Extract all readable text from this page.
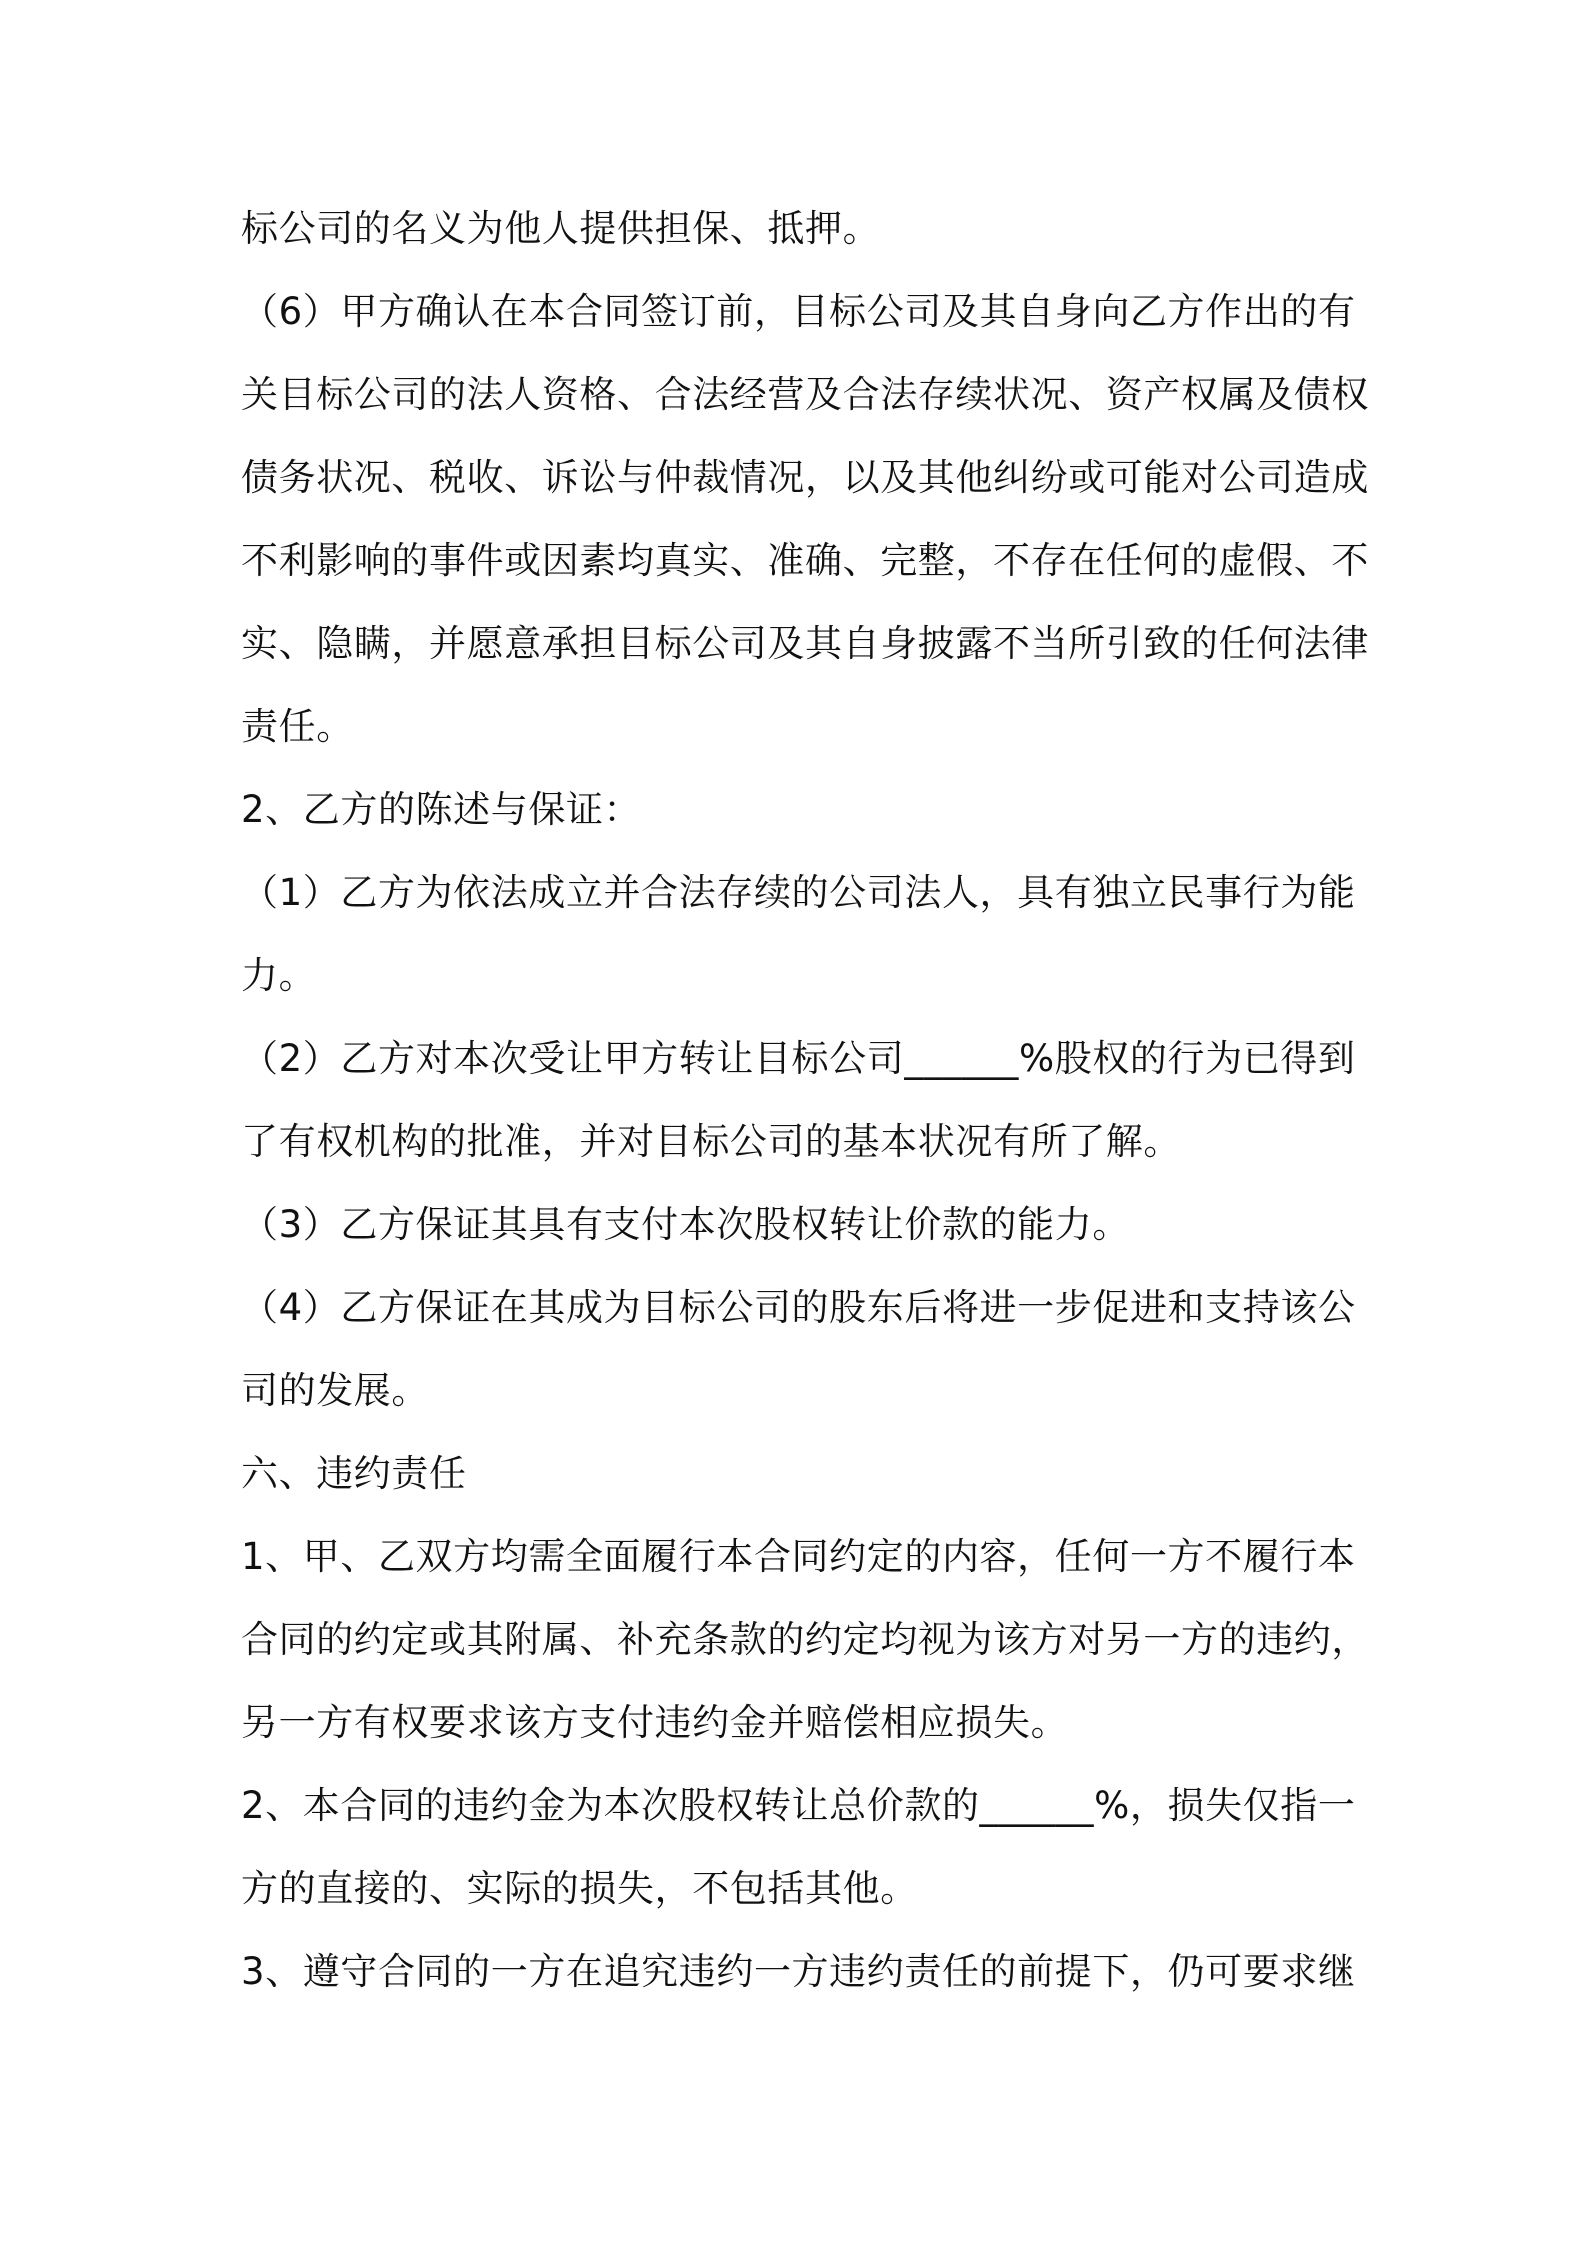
标公司的名义为他人提供担保、抵押。

（6）甲方确认在本合同签订前，目标公司及其自身向乙方作出的有

关目标公司的法人资格、合法经营及合法存续状况、资产权属及债权

债务状况、税收、诉讼与仲裁情况，以及其他纠纷或可能对公司造成

不利影响的事件或因素均真实、准确、完整，不存在任何的虚假、不

实、隐瞒，并愿意承担目标公司及其自身披露不当所引致的任何法律

责任。

2、乙方的陈述与保证：

（1）乙方为依法成立并合法存续的公司法人，具有独立民事行为能

力。

（2）乙方对本次受让甲方转让目标公司______%股权的行为已得到

了有权机构的批准，并对目标公司的基本状况有所了解。

（3）乙方保证其具有支付本次股权转让价款的能力。

（4）乙方保证在其成为目标公司的股东后将进一步促进和支持该公

司的发展。

六、违约责任

1、甲、乙双方均需全面履行本合同约定的内容，任何一方不履行本

合同的约定或其附属、补充条款的约定均视为该方对另一方的违约，

另一方有权要求该方支付违约金并赔偿相应损失。

2、本合同的违约金为本次股权转让总价款的______%，损失仅指一

方的直接的、实际的损失，不包括其他。

3、遵守合同的一方在追究违约一方违约责任的前提下，仍可要求继
